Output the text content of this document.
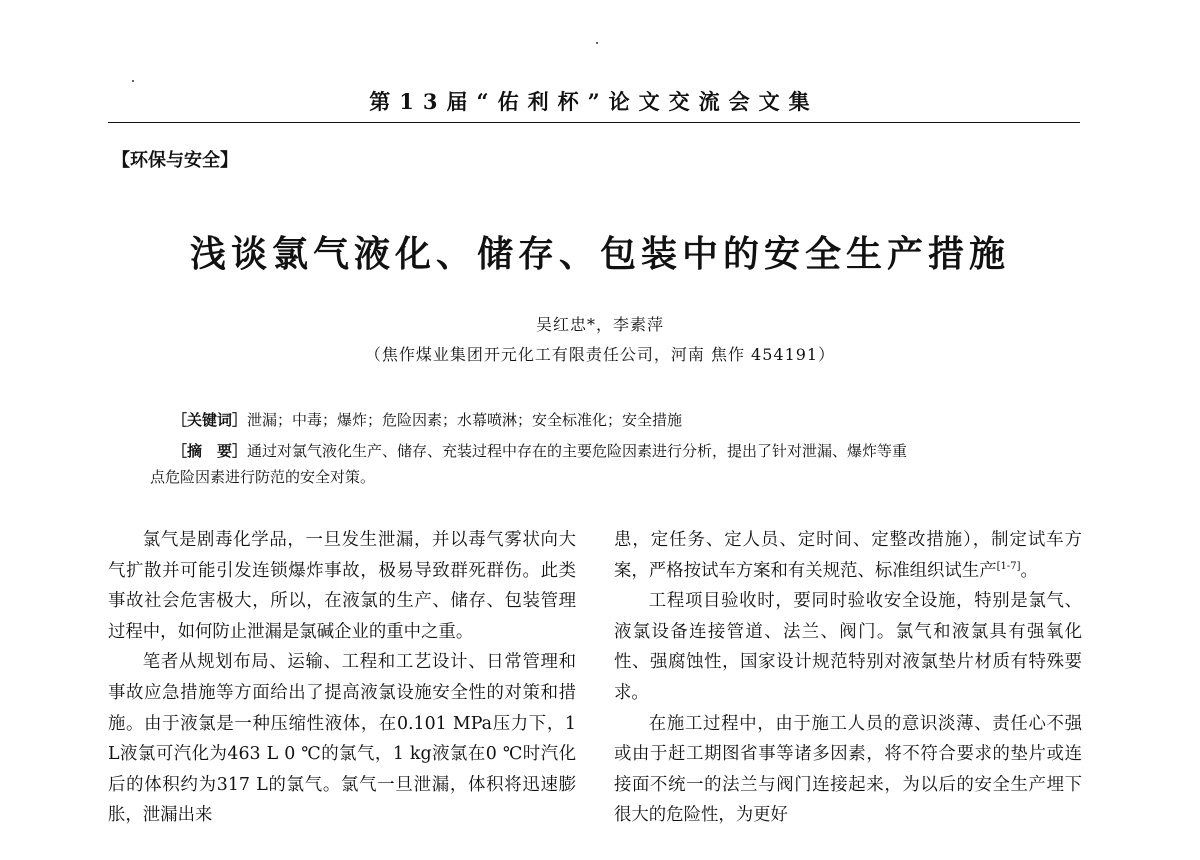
第13届“佑利杯”论文交流会文集
【环保与安全】
浅谈氯气液化、储存、包装中的安全生产措施
吴红忠*，李素萍
（焦作煤业集团开元化工有限责任公司，河南 焦作 454191）
［关键词］泄漏；中毒；爆炸；危险因素；水幕喷淋；安全标准化；安全措施
［摘　要］通过对氯气液化生产、储存、充装过程中存在的主要危险因素进行分析，提出了针对泄漏、爆炸等重
点危险因素进行防范的安全对策。

氯气是剧毒化学品，一旦发生泄漏，并以毒气雾状向大气扩散并可能引发连锁爆炸事故，极易导致群死群伤。此类事故社会危害极大，所以，在液氯的生产、储存、包装管理过程中，如何防止泄漏是氯碱企业的重中之重。

笔者从规划布局、运输、工程和工艺设计、日常管理和事故应急措施等方面给出了提高液氯设施安全性的对策和措施。由于液氯是一种压缩性液体，在0.101 MPa压力下，1 L液氯可汽化为463 L 0 ℃的氯气，1 kg液氯在0 ℃时汽化后的体积约为317 L的氯气。氯气一旦泄漏，体积将迅速膨胀，泄漏出来

患，定任务、定人员、定时间、定整改措施），制定试车方案，严格按试车方案和有关规范、标准组织试生产[1-7]。

工程项目验收时，要同时验收安全设施，特别是氯气、液氯设备连接管道、法兰、阀门。氯气和液氯具有强氧化性、强腐蚀性，国家设计规范特别对液氯垫片材质有特殊要求。

在施工过程中，由于施工人员的意识淡薄、责任心不强或由于赶工期图省事等诸多因素，将不符合要求的垫片或连接面不统一的法兰与阀门连接起来，为以后的安全生产埋下很大的危险性，为更好
